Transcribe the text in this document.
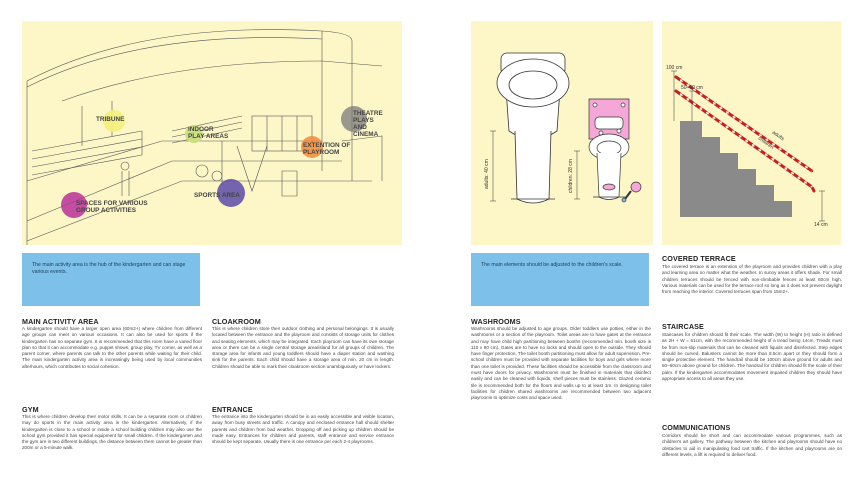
TRIBUNE
INDOOR PLAY AREAS
THEATRE PLAYS AND CINEMA
EXTENTION OF PLAYROOM
SPORTS AREA
SPACES FOR VARIOUS GROUP ACTIVITIES
The main activity area is the hub of the kindergarten and can stage various events.
MAIN ACTIVITY AREA
A kindergarten should have a larger open area (60m2+) where children from different age groups can meet on various occasions. It can also be used for sports if the kindergarten has no separate gym. It is recommended that this room have a varied floor plan so that it can accommodate e.g. puppet shows, group play, TV corner, as well as a parent corner, where parents can talk to the other parents while waiting for their child. The main kindergarten activity area is increasingly being used by local communities afterhours, which contributes to social cohesion.
GYM
This is where children develop their motor skills. It can be a separate room or children may do sports in the main activity area in the kindergarten. Alternatively, if the kindergarten is close to a school or inside a school building children may also use the school gym provided it has special equipment for small children. If the kindergarten and the gym are in two different buildings, the distance between them cannot be greater than 200m or a 5-minute walk.
CLOAKROOM
This is where children store their outdoor clothing and personal belongings. It is usually located between the entrance and the playroom and consists of storage units for clothes and seating elements, which may be integrated. Each playroom can have its own storage area or there can be a single central storage area/island for all groups of children. The storage area for infants and young toddlers should have a diaper station and washing sink for the parents. Each child should have a storage area of min. 20 cm in length. Children should be able to mark their cloakroom section unambiguously or have lockers.
ENTRANCE
The entrance into the kindergarten should be in an easily accessible and visible location, away from busy streets and traffic. A canopy and enclosed entrance hall should shelter parents and children from bad weather. Dropping off and picking up children should be made easy. Entrances for children and parents, staff entrance and service entrance should be kept separate. Usually there is one entrance per each 2-4 playrooms.
adults: 40 cm	children: 28 cm
100 cm
50–60 cm
14 cm
adults
children
The main elements should be adjusted to the children's scale.
WASHROOMS
Washrooms should be adjusted to age groups. Older toddlers use potties, either in the washrooms or a section of the playroom. Toilet areas are to have gates at the entrance and may have child high partitioning between booths (recommended min. booth size is 110 x 80 cm). Gates are to have no locks and should open to the outside. They should have finger protection. The toilet booth partitioning must allow for adult supervision. Pre-school children must be provided with separate facilities for boys and girls where more than one toilet is provided. These facilities should be accessible from the classroom and must have doors for privacy. Washrooms must be finished in materials that disinfect easily and can be cleaned with liquids, shelf pieces must be stainless. Glazed ceramic tile is recommended both for the floors and walls up to at least 1m. In designing toilet facilities for children shared washrooms are recommended between two adjacent playrooms to optimize costs and space used.
COVERED TERRACE
The covered terrace is an extension of the playroom and provides children with a play and learning area no matter what the weather. In sunny areas it offers shade. For small children terraces should be fenced with non-climbable fences at least 60cm high. Various materials can be used for the terrace roof so long as it does not prevent daylight from reaching the interior. Covered terraces span from 15m2+.
STAIRCASE
Staircases for children should fit their scale. The width (W) to height (H) ratio is defined as 2H + W = 61cm, with the recommended height of a tread being 14cm. Treads must be from non-slip materials that can be cleaned with liquids and disinfected. Step edges should be curved. Balusters cannot be more than 8.5cm apart or they should form a single protective element. The handrail should be 100cm above ground for adults and 50–60cm above ground for children. The handrail for children should fit the scale of their palm. If the kindergarten accommodates movement impaired children they should have appropriate access to all areas they use.
COMMUNICATIONS
Corridors should be short and can accommodate various programmes, such as children's art gallery. The pathway between the kitchen and playrooms should have no obstacles to aid in manipulating food cart traffic. If the kitchen and playrooms are on different levels, a lift is required to deliver food.
